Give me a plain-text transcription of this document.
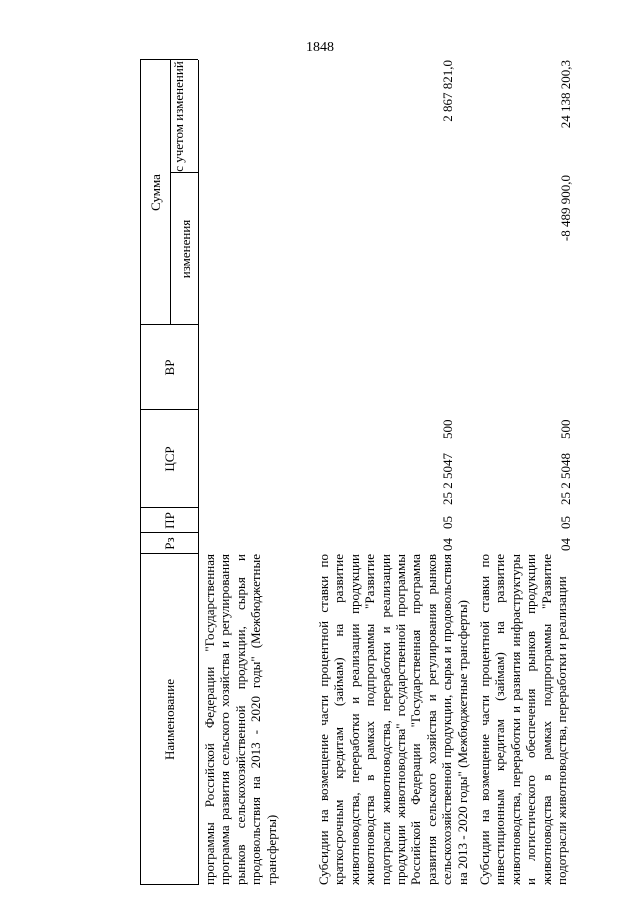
1848
Наименование
Рз
ПР
ЦСР
ВР
Сумма
изменения
с учетом изменений
программы Российской Федерации "Государственная программа развития сельского хозяйства и регулирования рынков сельскохозяйственной продукции, сырья и продовольствия на 2013 - 2020 годы" (Межбюджетные трансферты)	Субсидии на возмещение части процентной ставки по краткосрочным кредитам (займам) на развитие животноводства, переработки и реализации продукции животноводства в рамках подпрограммы "Развитие подотрасли животноводства, переработки и реализации продукции животноводства" государственной программы Российской Федерации "Государственная программа развития сельского хозяйства и регулирования рынков сельскохозяйственной продукции, сырья и продовольствия на 2013 - 2020 годы" (Межбюджетные трансферты)
04
05
25 2 5047
500
2 867 821,0
Субсидии на возмещение части процентной ставки по инвестиционным кредитам (займам) на развитие животноводства, переработки и развития инфраструктуры и логистического обеспечения рынков продукции животноводства в рамках подпрограммы "Развитие подотрасли животноводства, переработки и реализации
04
05
25 2 5048
500
-8 489 900,0
24 138 200,3
